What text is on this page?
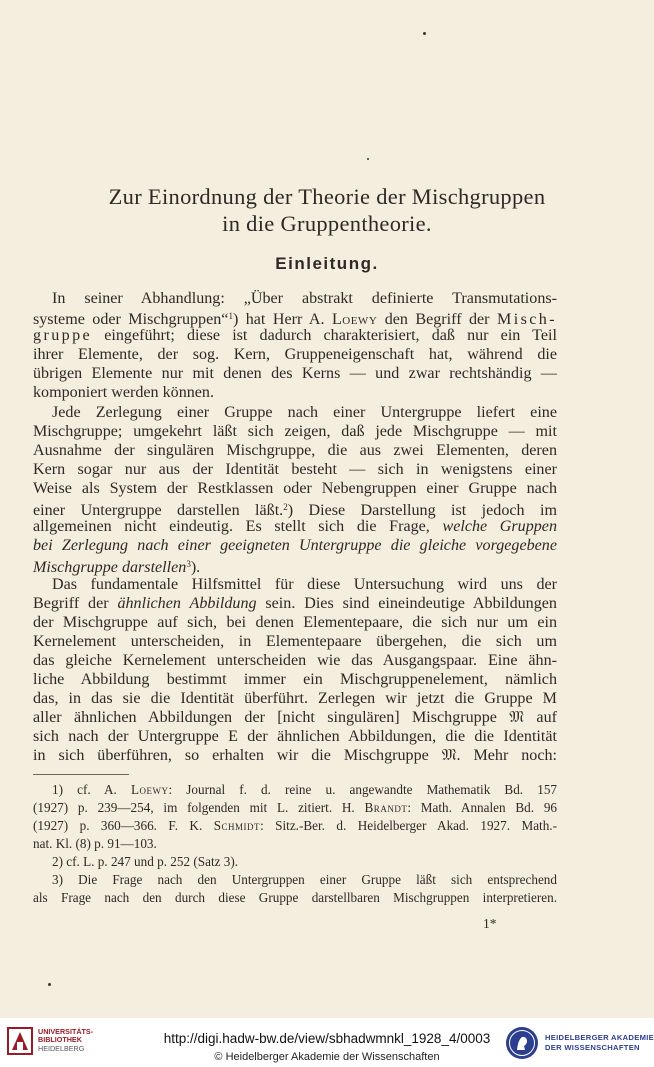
Zur Einordnung der Theorie der Mischgruppen
in die Gruppentheorie.
Einleitung.
In seiner Abhandlung: „Über abstrakt definierte Transmutations-
systeme oder Mischgruppen“$^1$) hat Herr A. Loewy den Begriff der Misch-
gruppe eingeführt; diese ist dadurch charakterisiert, daß nur ein Teil
ihrer Elemente, der sog. Kern, Gruppeneigenschaft hat, während die
übrigen Elemente nur mit denen des Kerns — und zwar rechtshändig —
komponiert werden können.
Jede Zerlegung einer Gruppe nach einer Untergruppe liefert eine
Mischgruppe; umgekehrt läßt sich zeigen, daß jede Mischgruppe — mit
Ausnahme der singulären Mischgruppe, die aus zwei Elementen, deren
Kern sogar nur aus der Identität besteht — sich in wenigstens einer
Weise als System der Restklassen oder Nebengruppen einer Gruppe nach
einer Untergruppe darstellen läßt.$^2$) Diese Darstellung ist jedoch im
allgemeinen nicht eindeutig. Es stellt sich die Frage, welche Gruppen
bei Zerlegung nach einer geeigneten Untergruppe die gleiche vorgegebene
Mischgruppe darstellen$^3$).
Das fundamentale Hilfsmittel für diese Untersuchung wird uns der
Begriff der ähnlichen Abbildung sein. Dies sind eineindeutige Abbildungen
der Mischgruppe auf sich, bei denen Elementepaare, die sich nur um ein
Kernelement unterscheiden, in Elementepaare übergehen, die sich um
das gleiche Kernelement unterscheiden wie das Ausgangspaar. Eine ähn-
liche Abbildung bestimmt immer ein Mischgruppenelement, nämlich
das, in das sie die Identität überführt. Zerlegen wir jetzt die Gruppe M
aller ähnlichen Abbildungen der [nicht singulären] Mischgruppe 𝔐 auf
sich nach der Untergruppe E der ähnlichen Abbildungen, die die Identität
in sich überführen, so erhalten wir die Mischgruppe 𝔐. Mehr noch:
1) cf. A. Loewy: Journal f. d. reine u. angewandte Mathematik Bd. 157
(1927) p. 239—254, im folgenden mit L. zitiert. H. Brandt: Math. Annalen Bd. 96
(1927) p. 360—366. F. K. Schmidt: Sitz.-Ber. d. Heidelberger Akad. 1927. Math.-
nat. Kl. (8) p. 91—103.
2) cf. L. p. 247 und p. 252 (Satz 3).
3) Die Frage nach den Untergruppen einer Gruppe läßt sich entsprechend
als Frage nach den durch diese Gruppe darstellbaren Mischgruppen interpretieren.
1*
UNIVERSITÄTS-
BIBLIOTHEK
HEIDELBERG
http://digi.hadw-bw.de/view/sbhadwmnkl_1928_4/0003
© Heidelberger Akademie der Wissenschaften
HEIDELBERGER AKADEMIE
DER WISSENSCHAFTEN
